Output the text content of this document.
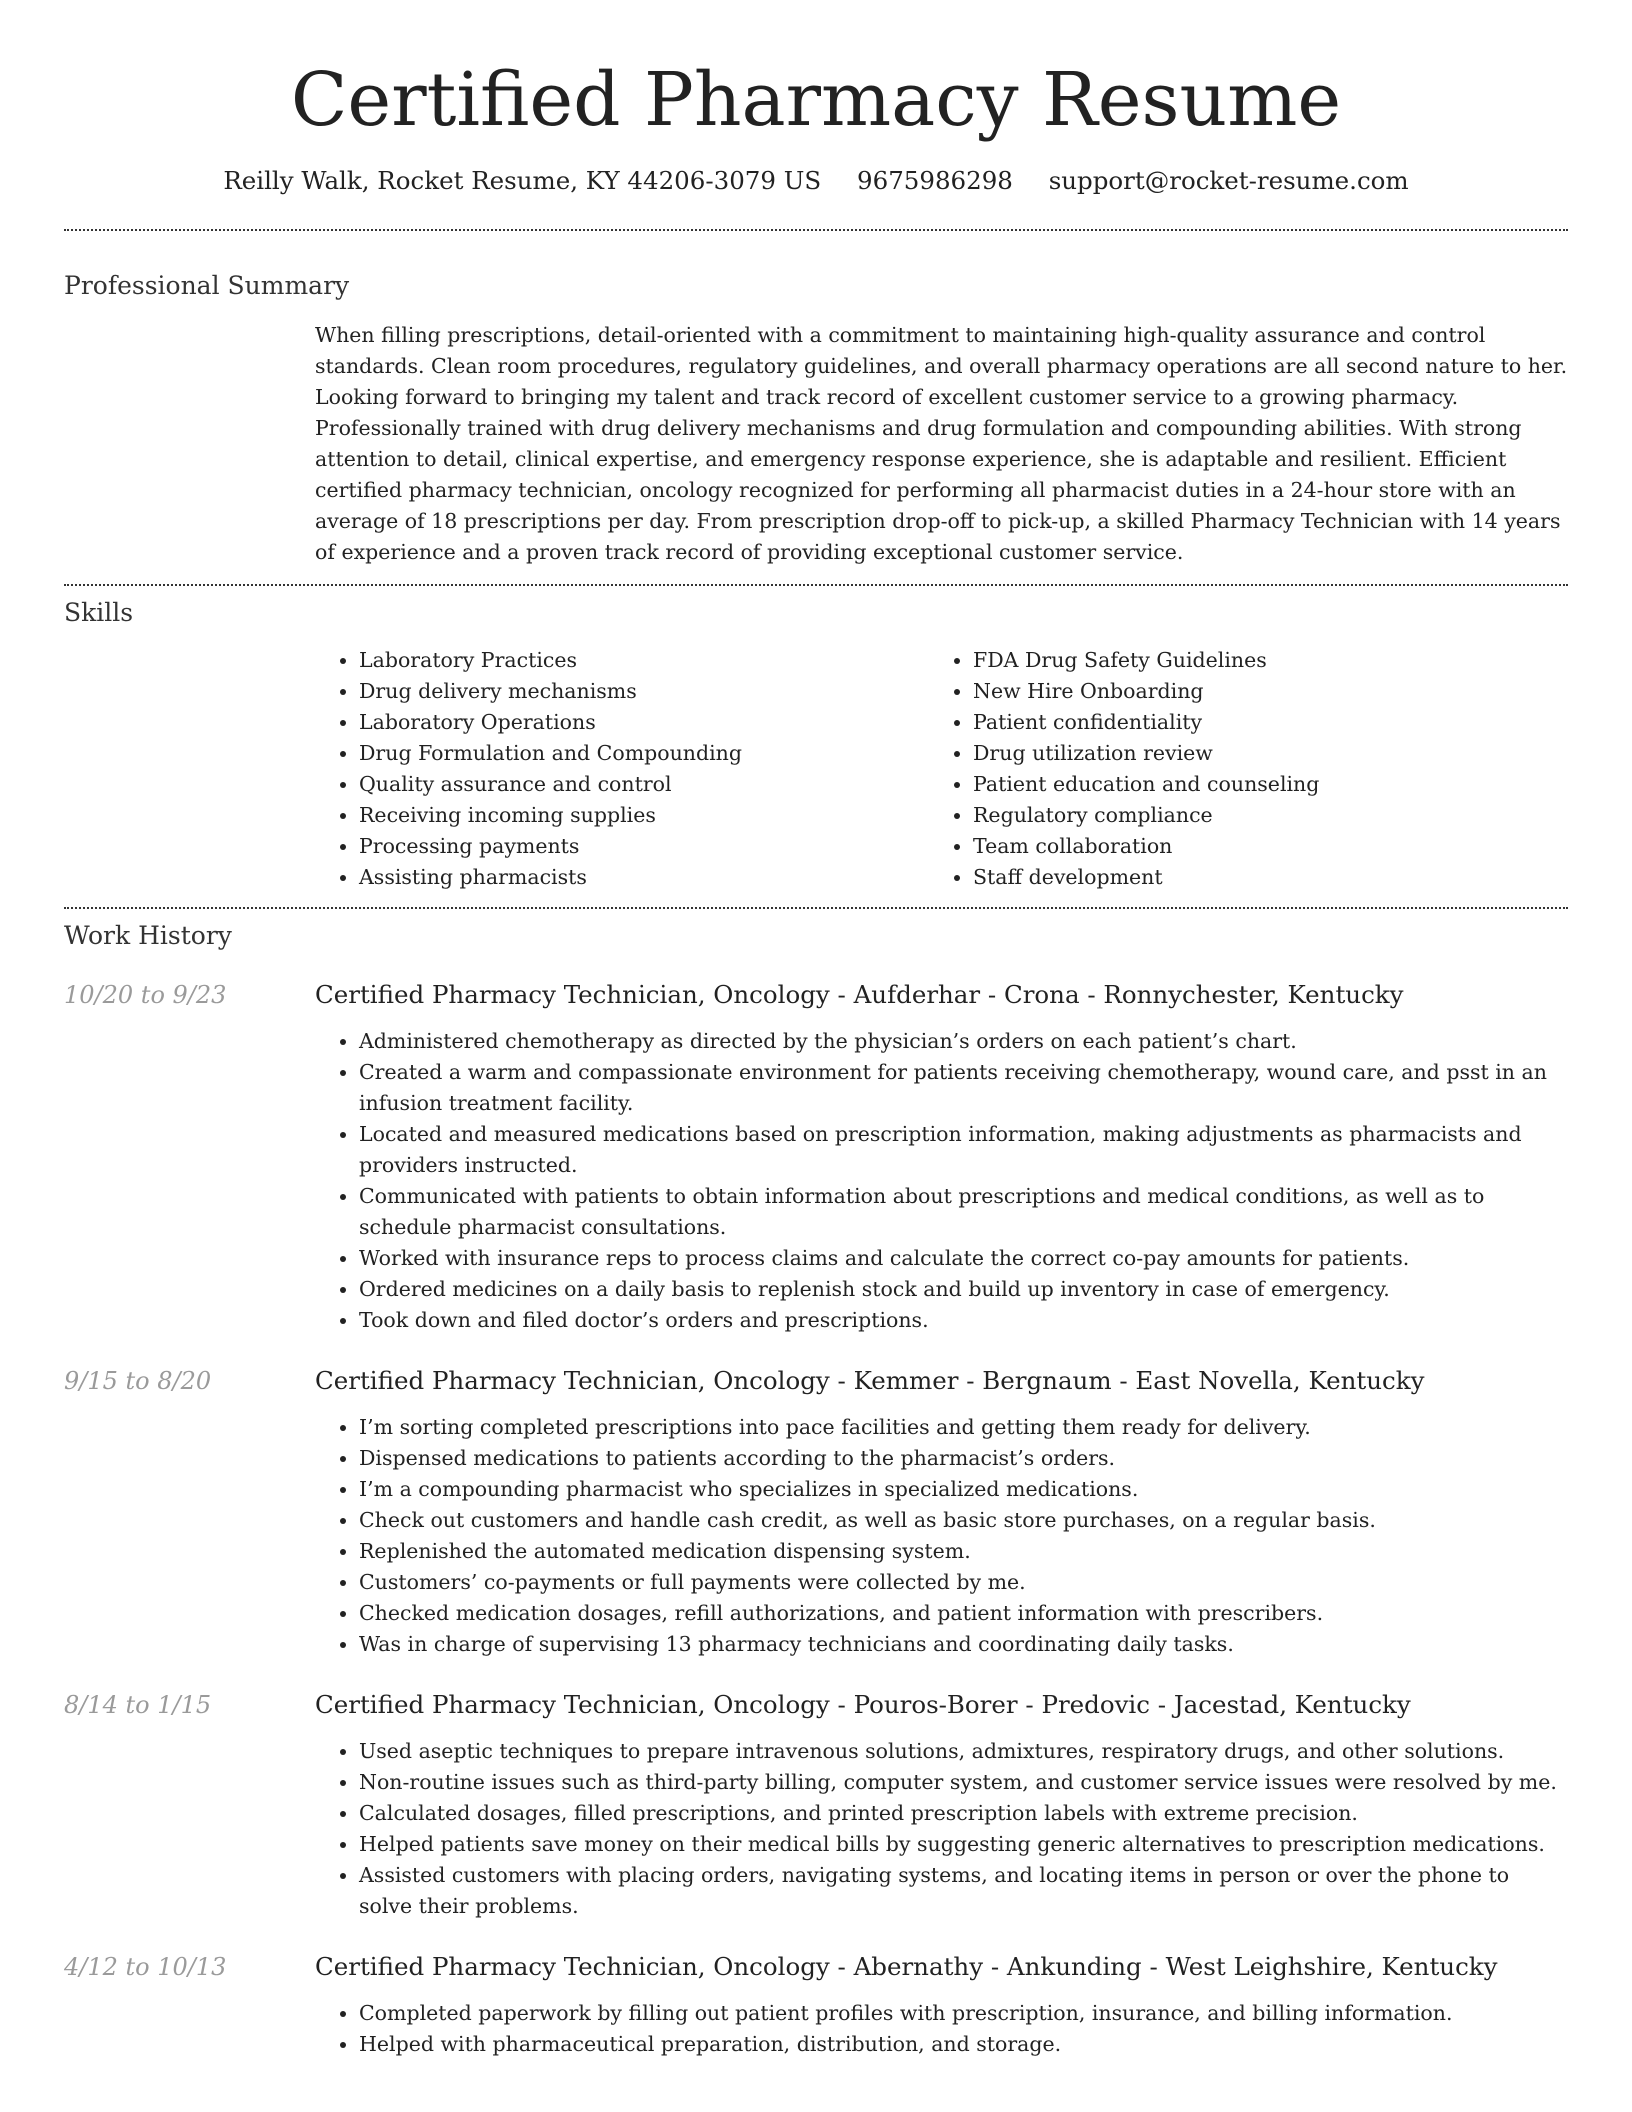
Certified Pharmacy Resume
Reilly Walk, Rocket Resume, KY 44206-3079 US 9675986298 support@rocket-resume.com
Professional Summary
When filling prescriptions, detail-oriented with a commitment to maintaining high-quality assurance and control standards. Clean room procedures, regulatory guidelines, and overall pharmacy operations are all second nature to her. Looking forward to bringing my talent and track record of excellent customer service to a growing pharmacy. Professionally trained with drug delivery mechanisms and drug formulation and compounding abilities. With strong attention to detail, clinical expertise, and emergency response experience, she is adaptable and resilient. Efficient certified pharmacy technician, oncology recognized for performing all pharmacist duties in a 24-hour store with an average of 18 prescriptions per day. From prescription drop-off to pick-up, a skilled Pharmacy Technician with 14 years of experience and a proven track record of providing exceptional customer service.
Skills
• Laboratory Practices
• Drug delivery mechanisms
• Laboratory Operations
• Drug Formulation and Compounding
• Quality assurance and control
• Receiving incoming supplies
• Processing payments
• Assisting pharmacists
• FDA Drug Safety Guidelines
• New Hire Onboarding
• Patient confidentiality
• Drug utilization review
• Patient education and counseling
• Regulatory compliance
• Team collaboration
• Staff development
Work History
10/20 to 9/23	Certified Pharmacy Technician, Oncology - Aufderhar - Crona - Ronnychester, Kentucky
• Administered chemotherapy as directed by the physician’s orders on each patient’s chart.
• Created a warm and compassionate environment for patients receiving chemotherapy, wound care, and psst in an infusion treatment facility.
• Located and measured medications based on prescription information, making adjustments as pharmacists and providers instructed.
• Communicated with patients to obtain information about prescriptions and medical conditions, as well as to schedule pharmacist consultations.
• Worked with insurance reps to process claims and calculate the correct co-pay amounts for patients.
• Ordered medicines on a daily basis to replenish stock and build up inventory in case of emergency.
• Took down and filed doctor’s orders and prescriptions.
9/15 to 8/20	Certified Pharmacy Technician, Oncology - Kemmer - Bergnaum - East Novella, Kentucky
• I’m sorting completed prescriptions into pace facilities and getting them ready for delivery.
• Dispensed medications to patients according to the pharmacist’s orders.
• I’m a compounding pharmacist who specializes in specialized medications.
• Check out customers and handle cash credit, as well as basic store purchases, on a regular basis.
• Replenished the automated medication dispensing system.
• Customers’ co-payments or full payments were collected by me.
• Checked medication dosages, refill authorizations, and patient information with prescribers.
• Was in charge of supervising 13 pharmacy technicians and coordinating daily tasks.
8/14 to 1/15	Certified Pharmacy Technician, Oncology - Pouros-Borer - Predovic - Jacestad, Kentucky
• Used aseptic techniques to prepare intravenous solutions, admixtures, respiratory drugs, and other solutions.
• Non-routine issues such as third-party billing, computer system, and customer service issues were resolved by me.
• Calculated dosages, filled prescriptions, and printed prescription labels with extreme precision.
• Helped patients save money on their medical bills by suggesting generic alternatives to prescription medications.
• Assisted customers with placing orders, navigating systems, and locating items in person or over the phone to solve their problems.
4/12 to 10/13	Certified Pharmacy Technician, Oncology - Abernathy - Ankunding - West Leighshire, Kentucky
• Completed paperwork by filling out patient profiles with prescription, insurance, and billing information.
• Helped with pharmaceutical preparation, distribution, and storage.
